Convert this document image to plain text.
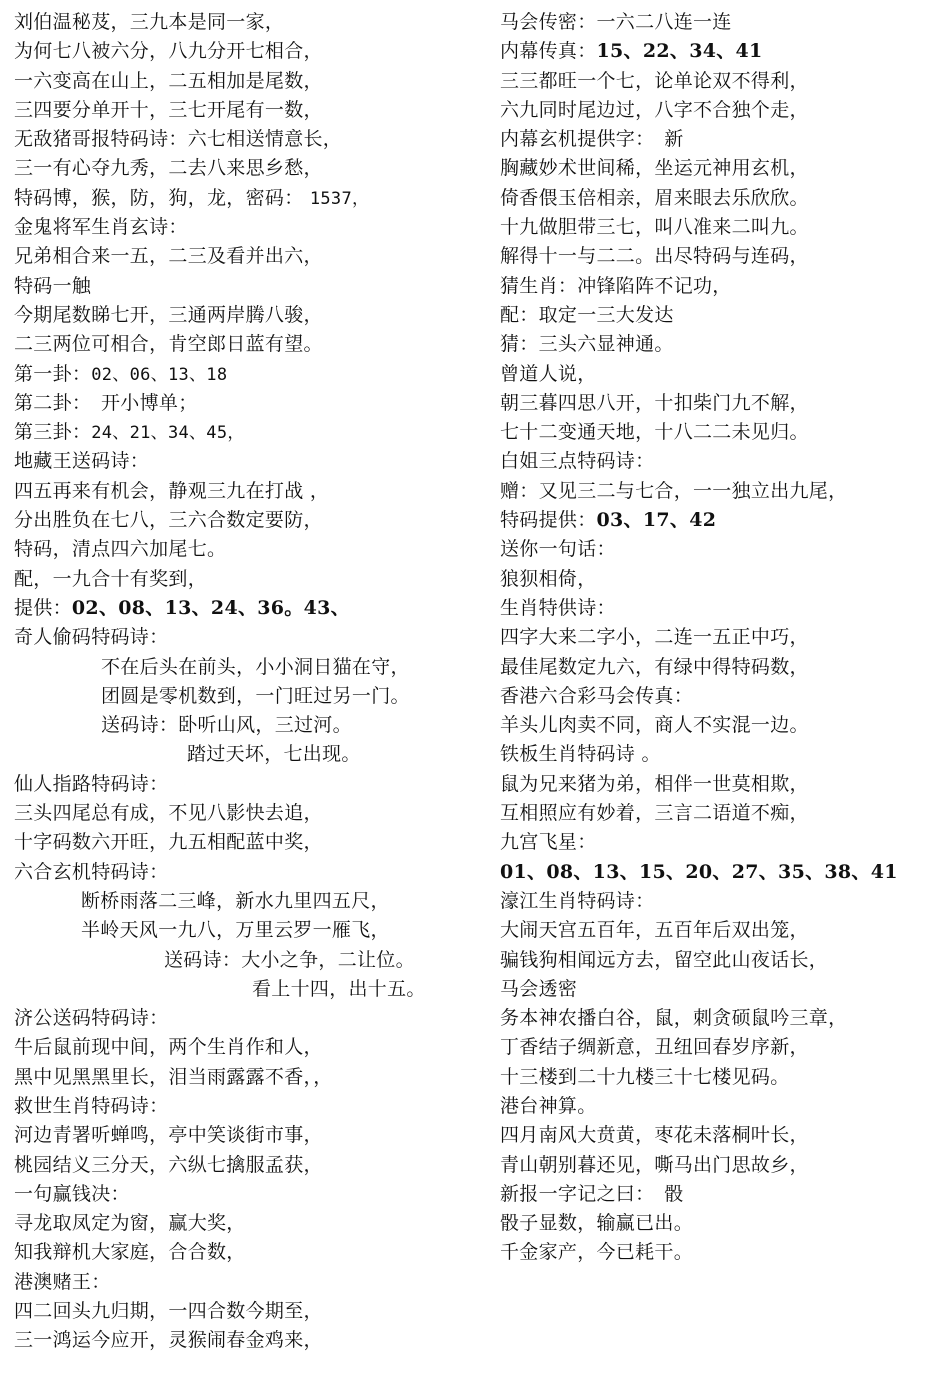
刘伯温秘芨，三九本是同一家，
为何七八被六分，八九分开七相合，
一六变高在山上，二五相加是尾数，
三四要分单开十，三七开尾有一数，
无敌猪哥报特码诗：六七相送情意长，
三一有心夺九秀，二去八来思乡愁，
特码博，猴，防，狗，龙，密码： 1537，
金鬼将军生肖玄诗：
兄弟相合来一五，二三及看并出六，
特码一触
今期尾数睇七开，三通两岸腾八骏，
二三两位可相合，肯空郎日蓝有望。
第一卦：02、06、13、18
第二卦：　开小博单；
第三卦：24、21、34、45，
地藏王送码诗：
四五再来有机会，静观三九在打战 ，
分出胜负在七八，三六合数定要防，
特码，清点四六加尾七。
配，一九合十有奖到，
提供：02、08、13、24、36。43、
奇人偷码特码诗：
不在后头在前头，小小洞日猫在守，
团圆是零机数到，一门旺过另一门。
送码诗：卧听山风，三过河。
踏过天坏，七出现。
仙人指路特码诗：
三头四尾总有成，不见八影快去追，
十字码数六开旺，九五相配蓝中奖，
六合玄机特码诗：
断桥雨落二三峰，新水九里四五尺，
半岭天风一九八，万里云罗一雁飞，
送码诗：大小之争，二让位。
看上十四，出十五。
济公送码特码诗：
牛后鼠前现中间，两个生肖作和人，
黑中见黑黑里长，泪当雨露露不香，，
救世生肖特码诗：
河边青署听蝉鸣，亭中笑谈街市事，
桃园结义三分天，六纵七擒服孟获，
一句赢钱决：
寻龙取凤定为窗，赢大奖，
知我辩机大家庭，合合数，
港澳赌王：
四二回头九归期，一四合数今期至，
三一鸿运今应开，灵猴闹春金鸡来，
马会传密：一六二八连一连
内幕传真：15、22、34、41
三三都旺一个七，论单论双不得利，
六九同时尾边过，八字不合独个走，
内幕玄机提供字：　新
胸藏妙术世间稀，坐运元神用玄机，
倚香偎玉倍相亲，眉来眼去乐欣欣。
十九做胆带三七，叫八准来二叫九。
解得十一与二二。出尽特码与连码，
猜生肖：冲锋陷阵不记功，
配：取定一三大发达
猜：三头六显神通。
曾道人说，
朝三暮四思八开，十扣柴门九不解，
七十二变通天地，十八二二未见归。
白姐三点特码诗：
赠：又见三二与七合，一一独立出九尾，
特码提供：03、17、42
送你一句话：
狼狈相倚，
生肖特供诗：
四字大来二字小，二连一五正中巧，
最佳尾数定九六，有绿中得特码数，
香港六合彩马会传真：
羊头儿肉卖不同，商人不实混一边。
铁板生肖特码诗 。
鼠为兄来猪为弟，相伴一世莫相欺，
互相照应有妙着，三言二语道不痴，
九宫飞星：
01、08、13、15、20、27、35、38、41
濠江生肖特码诗：
大闹天宫五百年，五百年后双出笼，
骗钱狗相闻远方去，留空此山夜话长，
马会透密
务本神农播白谷，鼠，刺贪硕鼠吟三章，
丁香结子绸新意，丑纽回春岁序新，
十三楼到二十九楼三十七楼见码。
港台神算。
四月南风大贲黄，枣花未落桐叶长，
青山朝别暮还见，嘶马出门思故乡，
新报一字记之曰：　骰
骰子显数，输赢已出。
千金家产，今已耗干。
